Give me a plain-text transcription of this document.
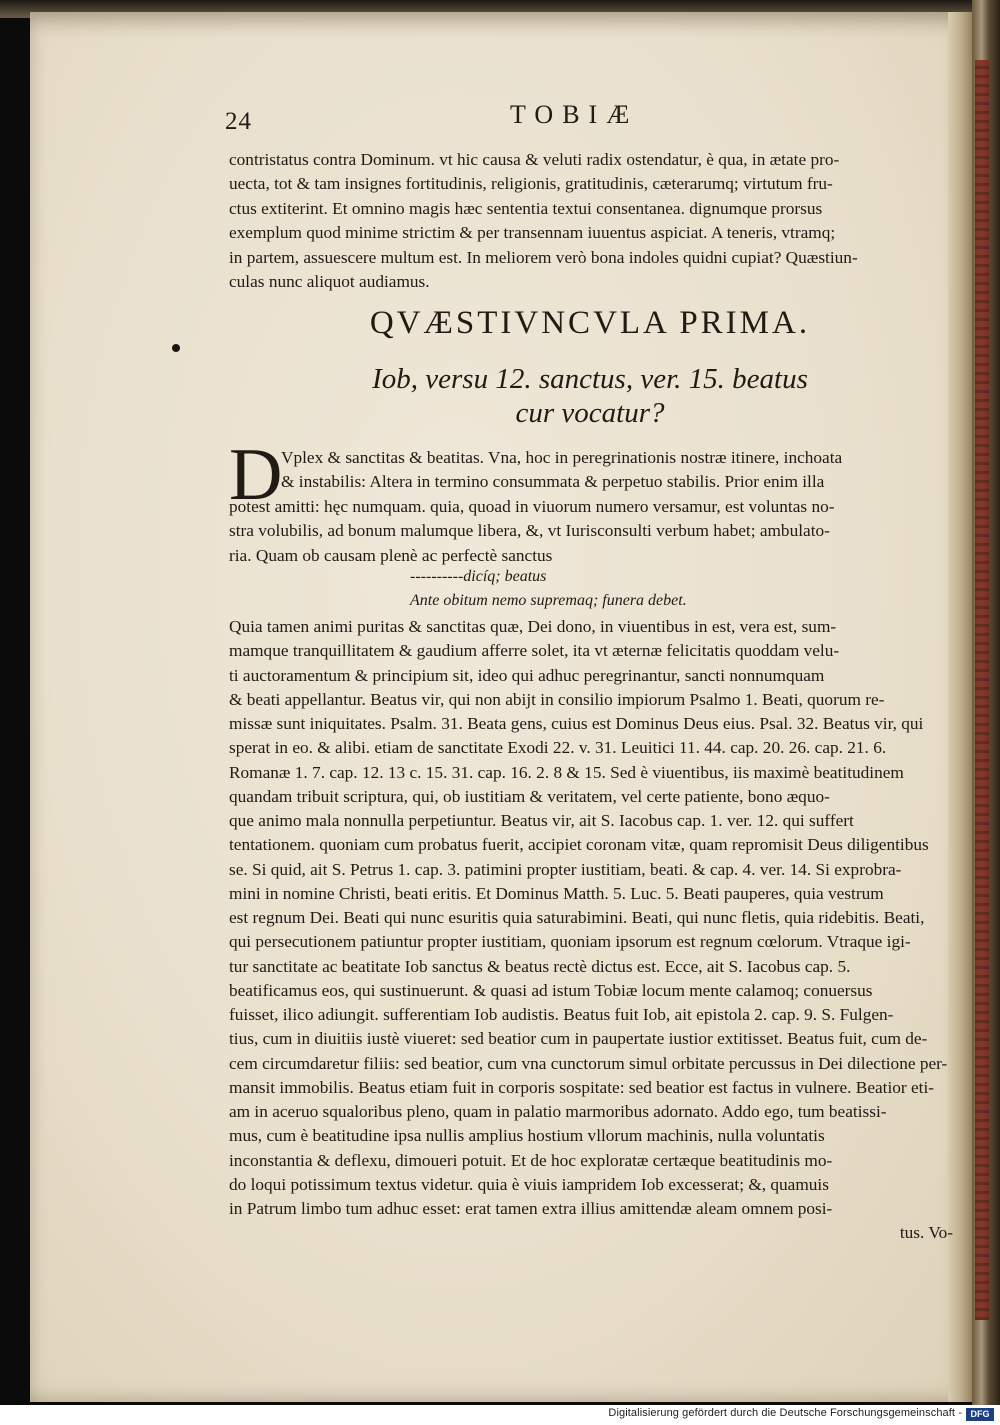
24	TOBIÆ
contristatus contra Dominum. vt hic causa & veluti radix ostendatur, è qua, in ætate pro-
uecta, tot & tam insignes fortitudinis, religionis, gratitudinis, cæterarumq; virtutum fru-
ctus extiterint. Et omnino magis hæc sententia textui consentanea. dignumque prorsus
exemplum quod minime strictim & per transennam iuuentus aspiciat. A teneris, vtramq;
in partem, assuescere multum est. In meliorem verò bona indoles quidni cupiat? Quæstiun-
culas nunc aliquot audiamus.
QVÆSTIVNCVLA PRIMA.
Iob, versu 12. sanctus, ver. 15. beatus
cur vocatur?
D
Vplex & sanctitas & beatitas. Vna, hoc in peregrinationis nostræ itinere, inchoata
& instabilis: Altera in termino consummata & perpetuo stabilis. Prior enim illa
potest amitti: hęc numquam. quia, quoad in viuorum numero versamur, est voluntas no-
stra volubilis, ad bonum malumque libera, &, vt Iurisconsulti verbum habet; ambulato-
ria. Quam ob causam plenè ac perfectè sanctus
----------dicíq; beatus
Ante obitum nemo supremaq; funera debet.
Quia tamen animi puritas & sanctitas quæ, Dei dono, in viuentibus in est, vera est, sum-
mamque tranquillitatem & gaudium afferre solet, ita vt æternæ felicitatis quoddam velu-
ti auctoramentum & principium sit, ideo qui adhuc peregrinantur, sancti nonnumquam
& beati appellantur. Beatus vir, qui non abijt in consilio impiorum Psalmo 1. Beati, quorum re-
missæ sunt iniquitates. Psalm. 31. Beata gens, cuius est Dominus Deus eius. Psal. 32. Beatus vir, qui
sperat in eo. & alibi. etiam de sanctitate Exodi 22. v. 31. Leuitici 11. 44. cap. 20. 26. cap. 21. 6.
Romanæ 1. 7. cap. 12. 13 c. 15. 31. cap. 16. 2. 8 & 15. Sed è viuentibus, iis maximè beatitudinem
quandam tribuit scriptura, qui, ob iustitiam & veritatem, vel certe patiente, bono æquo-
que animo mala nonnulla perpetiuntur. Beatus vir, ait S. Iacobus cap. 1. ver. 12. qui suffert
tentationem. quoniam cum probatus fuerit, accipiet coronam vitæ, quam repromisit Deus diligentibus
se. Si quid, ait S. Petrus 1. cap. 3. patimini propter iustitiam, beati. & cap. 4. ver. 14. Si exprobra-
mini in nomine Christi, beati eritis. Et Dominus Matth. 5. Luc. 5. Beati pauperes, quia vestrum
est regnum Dei. Beati qui nunc esuritis quia saturabimini. Beati, qui nunc fletis, quia ridebitis. Beati,
qui persecutionem patiuntur propter iustitiam, quoniam ipsorum est regnum cœlorum. Vtraque igi-
tur sanctitate ac beatitate Iob sanctus & beatus rectè dictus est. Ecce, ait S. Iacobus cap. 5.
beatificamus eos, qui sustinuerunt. & quasi ad istum Tobiæ locum mente calamoq; conuersus
fuisset, ilico adiungit. sufferentiam Iob audistis. Beatus fuit Iob, ait epistola 2. cap. 9. S. Fulgen-
tius, cum in diuitiis iustè viueret: sed beatior cum in paupertate iustior extitisset. Beatus fuit, cum de-
cem circumdaretur filiis: sed beatior, cum vna cunctorum simul orbitate percussus in Dei dilectione per-
mansit immobilis. Beatus etiam fuit in corporis sospitate: sed beatior est factus in vulnere. Beatior eti-
am in aceruo squaloribus pleno, quam in palatio marmoribus adornato. Addo ego, tum beatissi-
mus, cum è beatitudine ipsa nullis amplius hostium vllorum machinis, nulla voluntatis
inconstantia & deflexu, dimoueri potuit. Et de hoc exploratæ certæque beatitudinis mo-
do loqui potissimum textus videtur. quia è viuis iampridem Iob excesserat; &, quamuis
in Patrum limbo tum adhuc esset: erat tamen extra illius amittendæ aleam omnem posi-
tus. Vo-
Digitalisierung gefördert durch die Deutsche Forschungsgemeinschaft - DFG
